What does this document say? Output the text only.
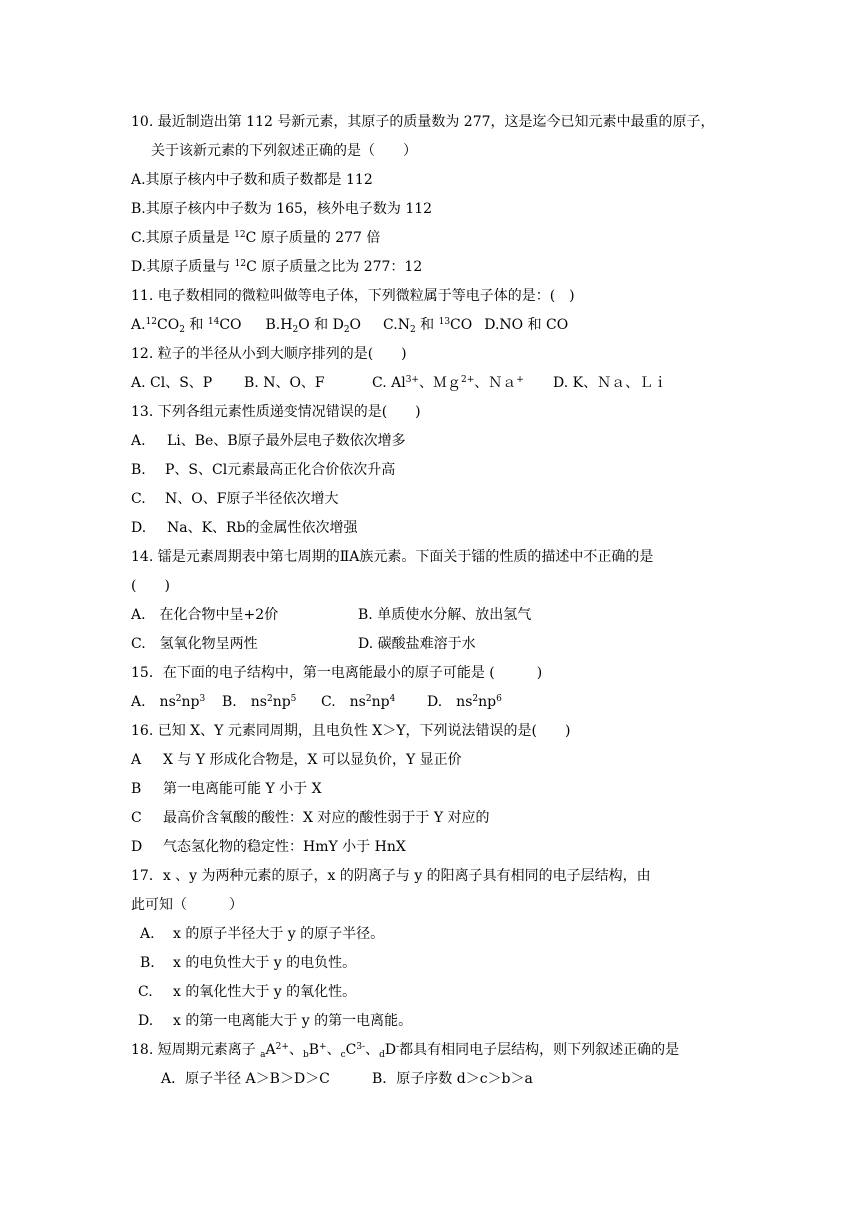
10. 最近制造出第 112 号新元素，其原子的质量数为 277，这是迄今已知元素中最重的原子，
关于该新元素的下列叙述正确的是（　　）
A.其原子核内中子数和质子数都是 112
B.其原子核内中子数为 165，核外电子数为 112
C.其原子质量是 $^{12}$C 原子质量的 277 倍
D.其原子质量与 $^{12}$C 原子质量之比为 277：12
11. 电子数相同的微粒叫做等电子体，下列微粒属于等电子体的是：(　)
$A.^{12}CO_2$ 和 $^{14}$CO $B.H_2O$ 和 $D_2O$ $C.N_2$ 和 $^{13}$CO D.NO 和 CO
12. 粒子的半径从小到大顺序排列的是(　　)
A. Cl、S、P B. N、O、F	C. $Al^{3+}$、Ｍｇ$^{2+}$、Ｎａ+ D. K、Ｎａ、Ｌｉ
13. 下列各组元素性质递变情况错误的是(　　)
A. Li、Be、B原子最外层电子数依次增多
B. P、S、Cl元素最高正化合价依次升高
C. N、O、F原子半径依次增大
D. Na、K、Rb的金属性依次增强
14. 镭是元素周期表中第七周期的ⅡA族元素。下面关于镭的性质的描述中不正确的是
(　　)
A.　在化合物中呈+2价	B. 单质使水分解、放出氢气
C.　氢氧化物呈两性	D. 碳酸盐难溶于水
15．在下面的电子结构中，第一电离能最小的原子可能是 (　　　)
A.　$ns^2np^3$ B.　$ns^2np^5$ C.　$ns^2np^4$ D.　$ns^2np^6$
16. 已知 X、Y 元素同周期，且电负性 X＞Y，下列说法错误的是(　　)
A X 与 Y 形成化合物是，X 可以显负价，Y 显正价
B 第一电离能可能 Y 小于 X
C 最高价含氧酸的酸性：X 对应的酸性弱于于 Y 对应的
D 气态氢化物的稳定性：HmY 小于 HnX
17．x 、y 为两种元素的原子，x 的阴离子与 y 的阳离子具有相同的电子层结构，由
此可知（　　　）
A. x 的原子半径大于 y 的原子半径。
B. x 的电负性大于 y 的电负性。
C. x 的氧化性大于 y 的氧化性。
D. x 的第一电离能大于 y 的第一电离能。
18. 短周期元素离子 $_aA^{2+}$、$_b$B+、$_cC^{3-}$、$_d$D-都具有相同电子层结构，则下列叙述正确的是
A．原子半径 A＞B＞D＞C	B．原子序数 d＞c＞b＞a
